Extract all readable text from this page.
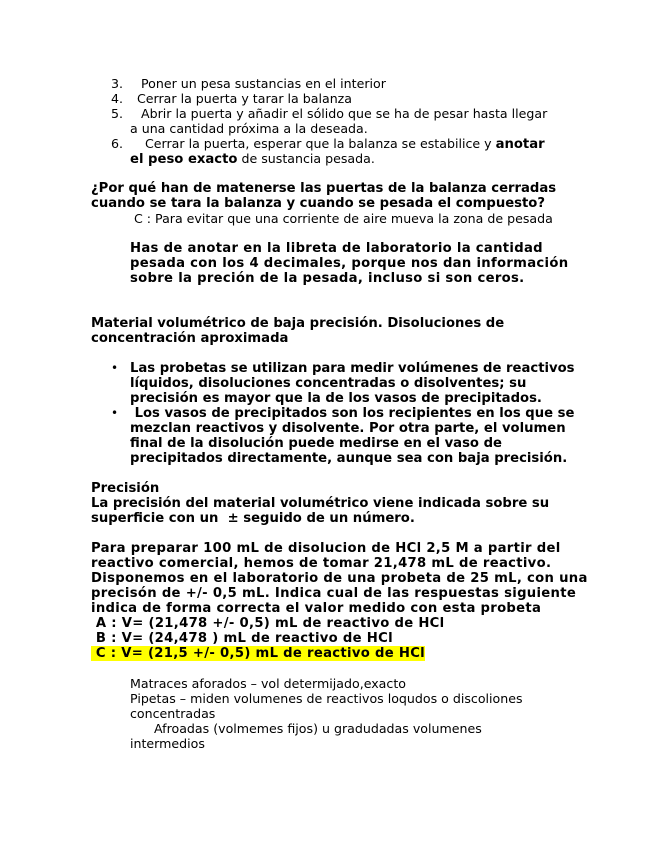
3. Poner un pesa sustancias en el interior
4. Cerrar la puerta y tarar la balanza
5. Abrir la puerta y añadir el sólido que se ha de pesar hasta llegar
a una cantidad próxima a la deseada.
6. Cerrar la puerta, esperar que la balanza se estabilice y anotar
el peso exacto de sustancia pesada.
¿Por qué han de matenerse las puertas de la balanza cerradas
cuando se tara la balanza y cuando se pesada el compuesto?
C : Para evitar que una corriente de aire mueva la zona de pesada
Has de anotar en la libreta de laboratorio la cantidad
pesada con los 4 decimales, porque nos dan información
sobre la preción de la pesada, incluso si son ceros.
Material volumétrico de baja precisión. Disoluciones de
concentración aproximada
• Las probetas se utilizan para medir volúmenes de reactivos
líquidos, disoluciones concentradas o disolventes; su
precisión es mayor que la de los vasos de precipitados.
• Los vasos de precipitados son los recipientes en los que se
mezclan reactivos y disolvente. Por otra parte, el volumen
final de la disolución puede medirse en el vaso de
precipitados directamente, aunque sea con baja precisión.
Precisión
La precisión del material volumétrico viene indicada sobre su
superficie con un  ± seguido de un número.
Para preparar 100 mL de disolucion de HCl 2,5 M a partir del
reactivo comercial, hemos de tomar 21,478 mL de reactivo.
Disponemos en el laboratorio de una probeta de 25 mL, con una
precisón de +/- 0,5 mL. Indica cual de las respuestas siguiente
indica de forma correcta el valor medido con esta probeta
A : V= (21,478 +/- 0,5) mL de reactivo de HCl
B : V= (24,478 ) mL de reactivo de HCl
C : V= (21,5 +/- 0,5) mL de reactivo de HCl
Matraces aforados – vol determijado,exacto
Pipetas – miden volumenes de reactivos loqudos o discoliones
concentradas
Afroadas (volmemes fijos) u gradudadas volumenes
intermedios
